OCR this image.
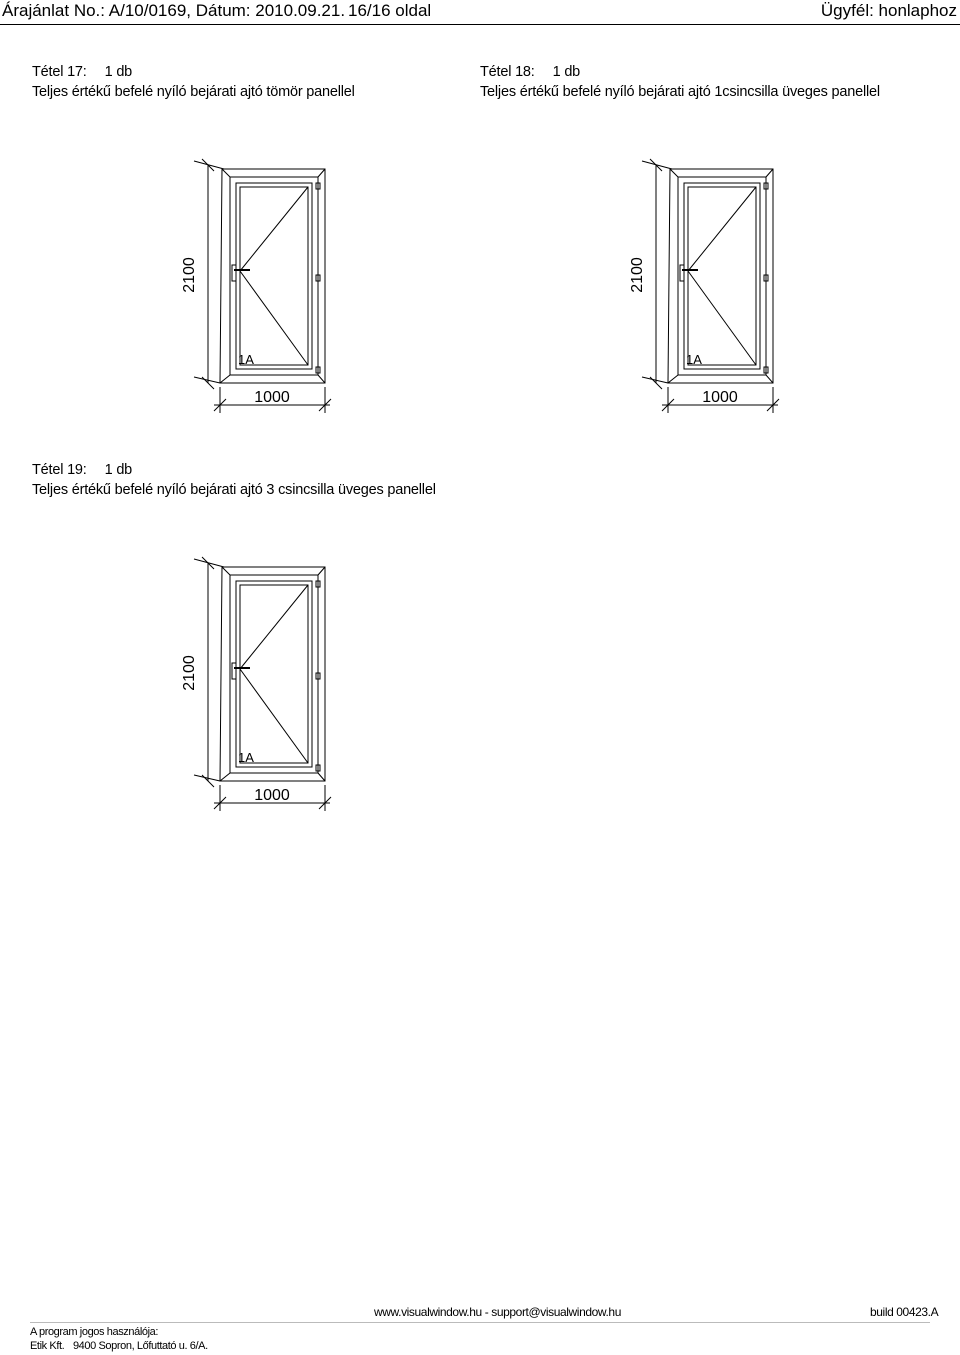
Árajánlat No.: A/10/0169, Dátum: 2010.09.21. 16/16 oldal	Ügyfél: honlaphoz
Tétel 17: 1 db
Teljes értékű befelé nyíló bejárati ajtó tömör panellel
Tétel 18: 1 db
Teljes értékű befelé nyíló bejárati ajtó 1csincsilla üveges panellel
Tétel 19: 1 db
Teljes értékű befelé nyíló bejárati ajtó 3 csincsilla üveges panellel
2100
1000
1A
2100
1000
1A
2100
1000
1A
www.visualwindow.hu - support@visualwindow.hu	build 00423.A
A program jogos használója:
Etik Kft. 9400 Sopron, Lőfuttató u. 6/A.
